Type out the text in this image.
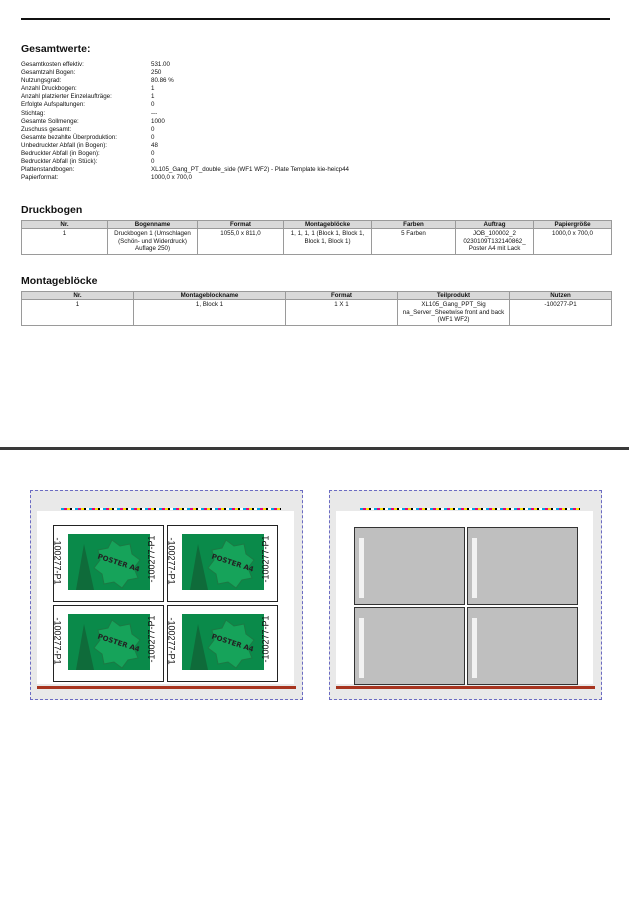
Gesamtwerte:
Gesamtkosten effektiv:	531.00
Gesamtzahl Bogen:	250
Nutzungsgrad:	80.86 %
Anzahl Druckbogen:	1
Anzahl platzierter Einzelaufträge:	1
Erfolgte Aufspaltungen:	0
Stichtag:	---
Gesamte Sollmenge:	1000
Zuschuss gesamt:	0
Gesamte bezahlte Überproduktion:	0
Unbedruckter Abfall (in Bogen):	48
Bedruckter Abfall (in Bogen):	0
Bedruckter Abfall (in Stück):	0
Plattenstandbogen:	XL105_Gang_PT_double_side (WF1 WF2) - Plate Template kie-heicp44
Papierformat:	1000,0 x 700,0
Druckbogen
Nr.	Bogenname	Format	Montageblöcke	Farben	Auftrag	Papiergröße
1	Druckbogen 1 (Umschlagen (Schön- und Widerdruck) Auflage 250)	1055,0 x 811,0	1, 1, 1, 1 (Block 1, Block 1, Block 1, Block 1)	5 Farben	JOB_100002_2 0230109T132140862_ Poster A4 mit Lack	1000,0 x 700,0
Montageblöcke
Nr.	Montageblockname	Format	Teilprodukt	Nutzen
1	1, Block 1	1 X 1	XL105_Gang_PPT_Sig na_Server_Sheetwise front and back (WF1 WF2)	-100277-P1
POSTER A4
-100277-P1	-100277-P1	POSTER A4
-100277-P1	-100277-P1
POSTER A4
-100277-P1	-100277-P1	POSTER A4
-100277-P1	-100277-P1
